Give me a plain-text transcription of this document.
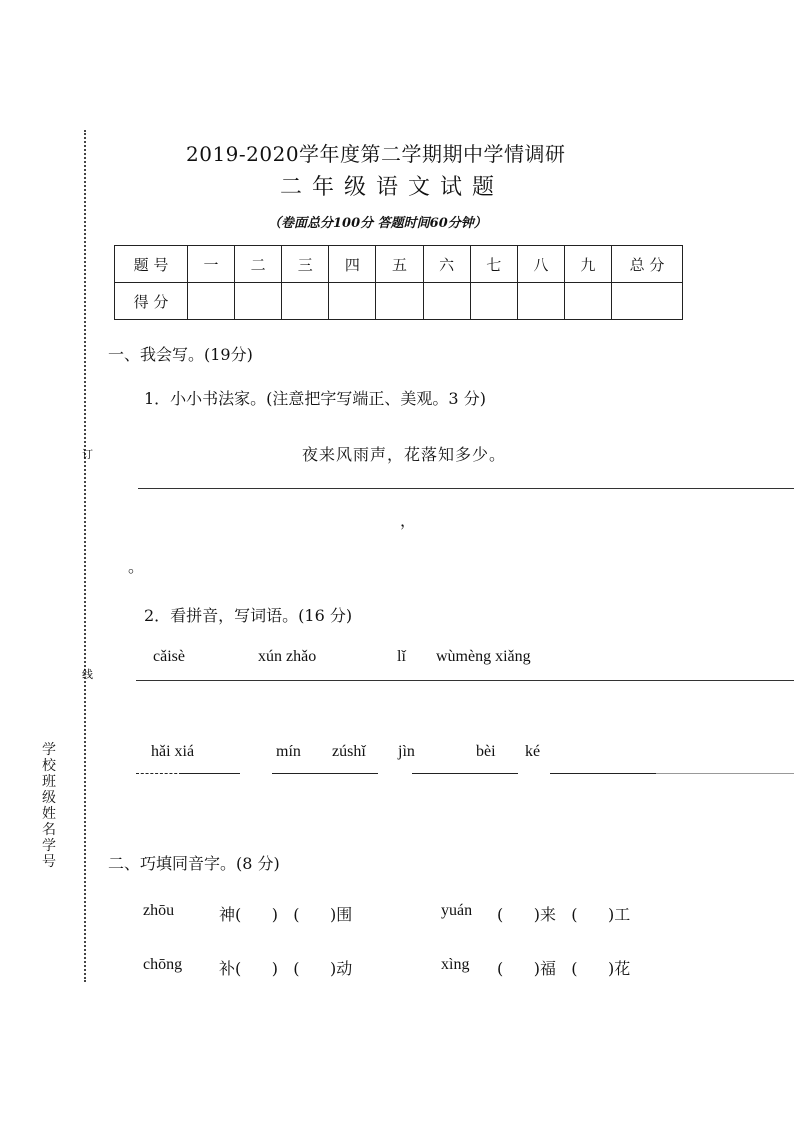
订
线
学校班级姓名学号
2019-2020学年度第二学期期中学情调研
二年级语文试题
（卷面总分100分 答题时间60分钟）
题 号	一	二	三	四	五	六	七	八	九	总 分
得 分										
一、我会写。(19分)
1．小小书法家。(注意把字写端正、美观。3 分)
夜来风雨声，花落知多少。
，
。
2．看拼音，写词语。(16 分)
cǎisè	xún zhǎo	lǐ wùmèng xiǎng
hǎi xiá	mín zúshǐ jìn	bèi ké
二、巧填同音字。(8 分)
zhōu	神(      )   (      )围	yuán (      )来   (      )工
chōng 补(      )   (      )动	xìng (      )福   (      )花
